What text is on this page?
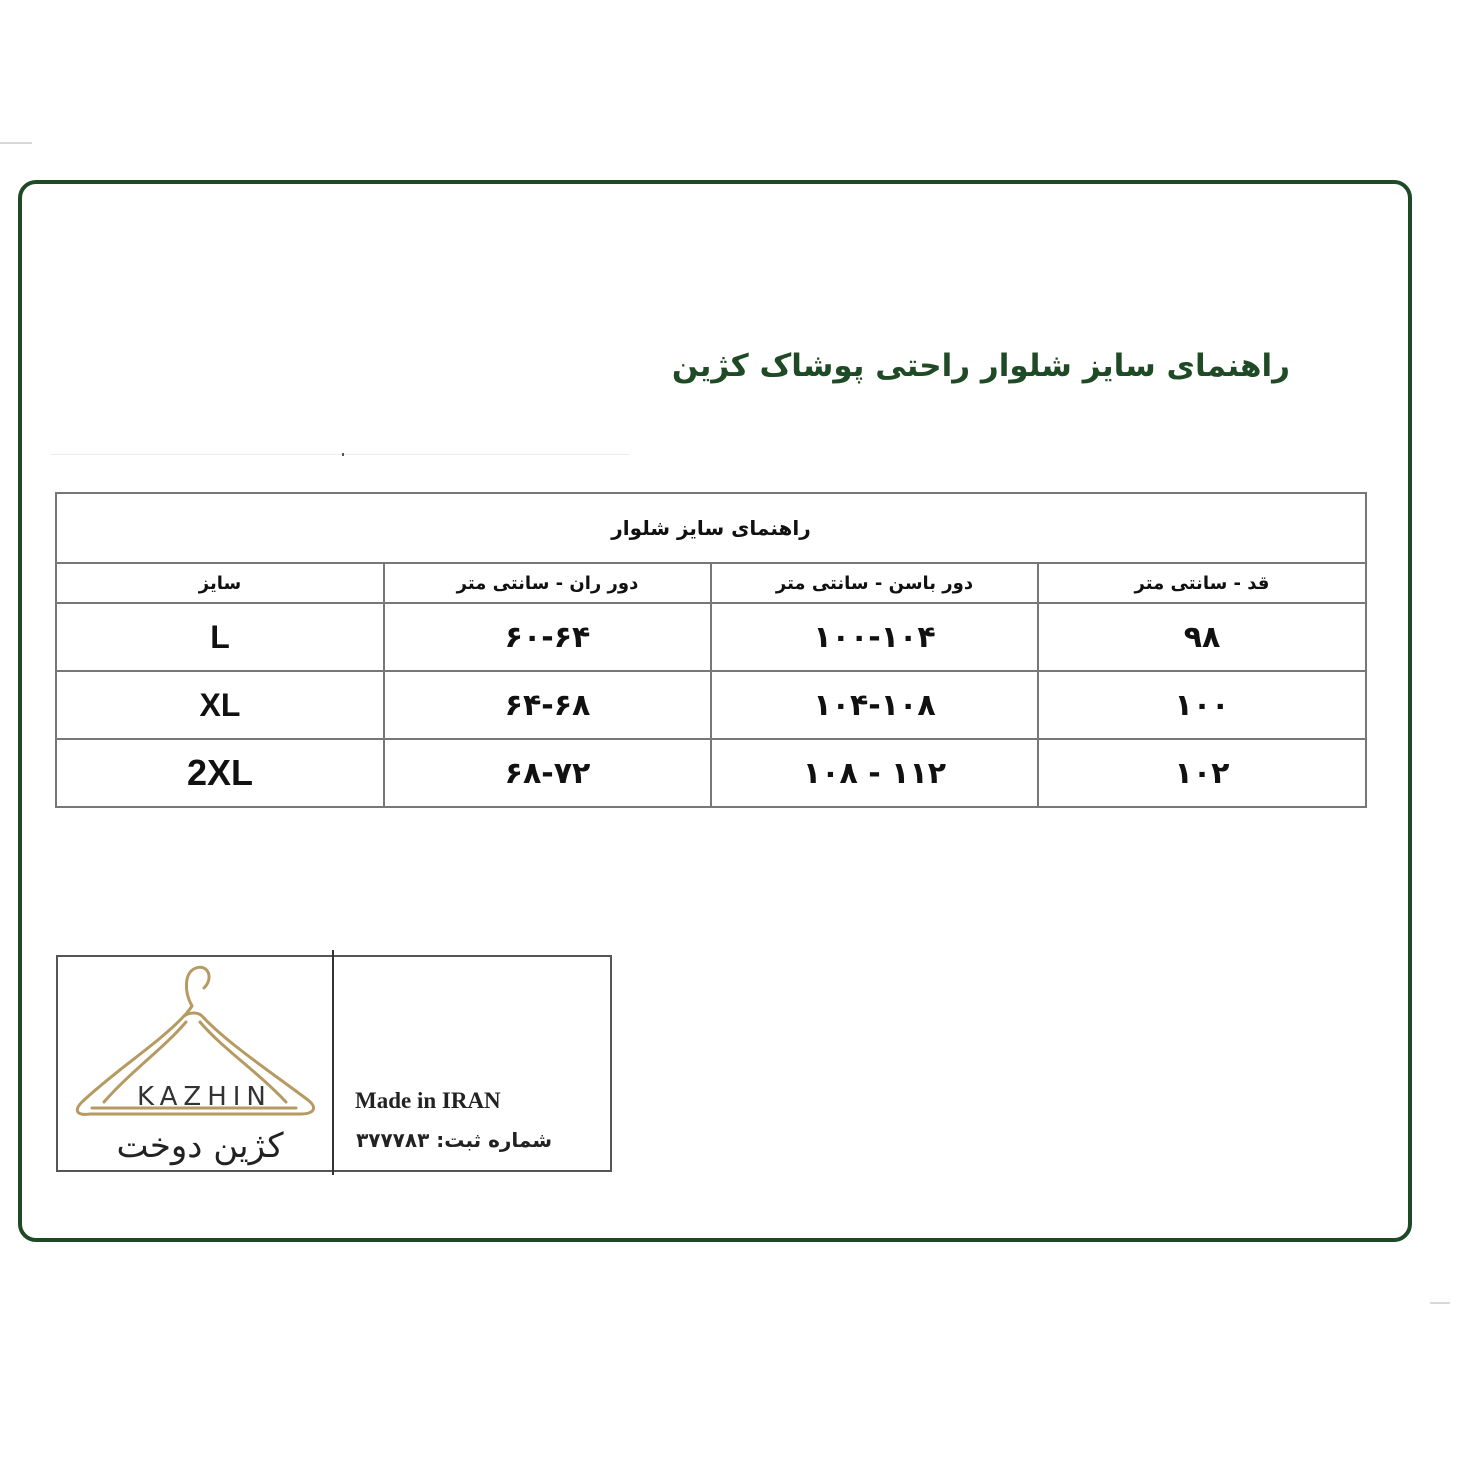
راهنمای سایز شلوار راحتی پوشاک کژین
راهنمای سایز شلوار			
سایز	دور ران - سانتی متر	دور باسن - سانتی متر	قد - سانتی متر
L	۶۰-۶۴	۱۰۰-۱۰۴	۹۸
XL	۶۴-۶۸	۱۰۴-۱۰۸	۱۰۰
2XL	۶۸-۷۲	۱۰۸ - ۱۱۲	۱۰۲
KAZHIN
کژین دوخت
Made in IRAN
شماره ثبت: ۳۷۷۷۸۳
